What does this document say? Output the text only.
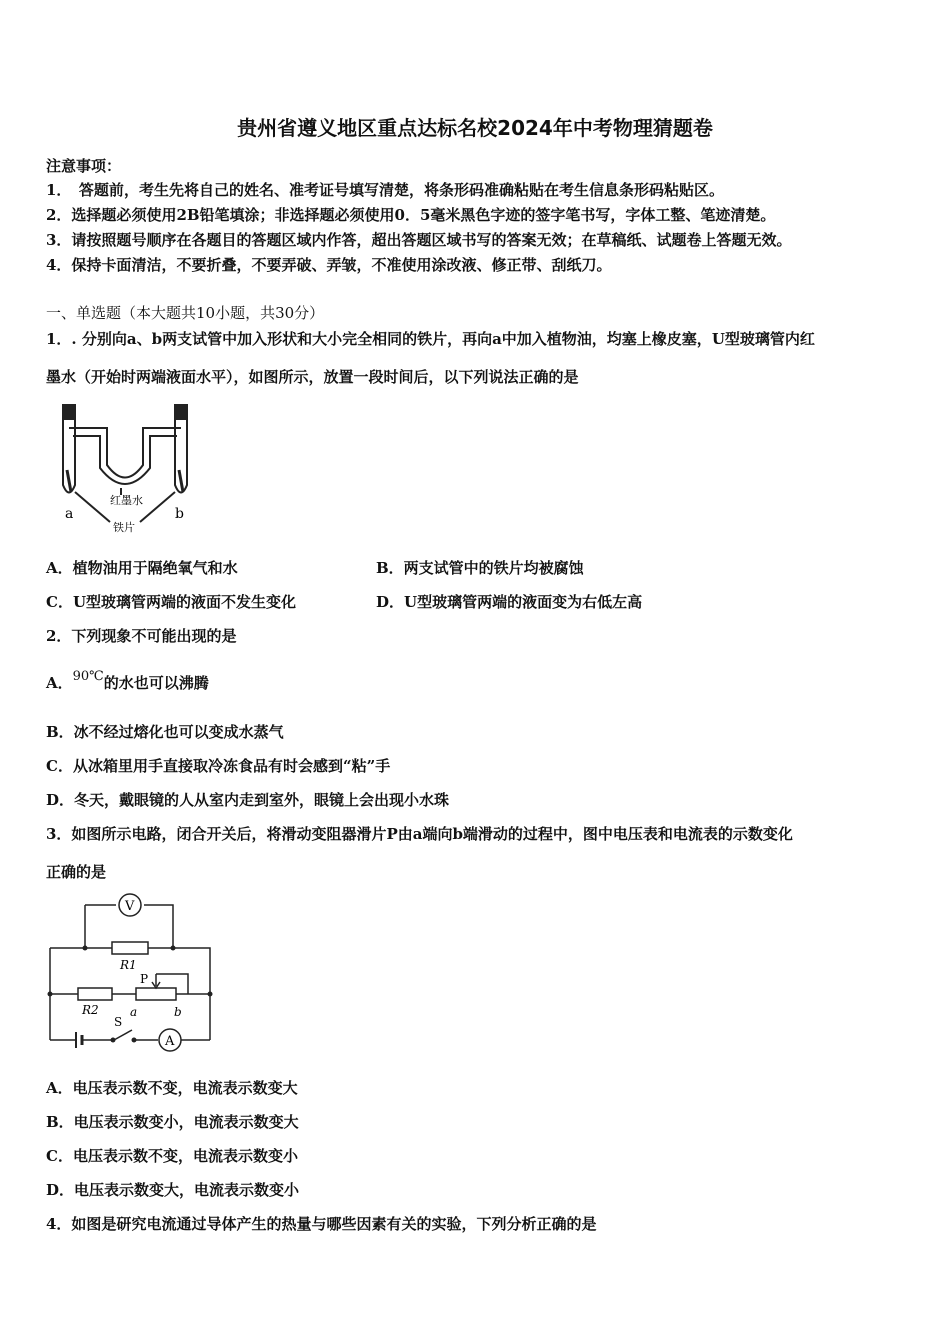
贵州省遵义地区重点达标名校2024年中考物理猜题卷
注意事项：
1．　答题前，考生先将自己的姓名、准考证号填写清楚，将条形码准确粘贴在考生信息条形码粘贴区。
2．选择题必须使用2B铅笔填涂；非选择题必须使用0．5毫米黑色字迹的签字笔书写，字体工整、笔迹清楚。
3．请按照题号顺序在各题目的答题区域内作答，超出答题区域书写的答案无效；在草稿纸、试题卷上答题无效。
4．保持卡面清洁，不要折叠，不要弄破、弄皱，不准使用涂改液、修正带、刮纸刀。
一、单选题（本大题共10小题，共30分）
1．. 分别向a、b两支试管中加入形状和大小完全相同的铁片，再向a中加入植物油，均塞上橡皮塞，U型玻璃管内红
墨水（开始时两端液面水平），如图所示，放置一段时间后，以下列说法正确的是
a	b
红墨水
铁片
A．植物油用于隔绝氧气和水	B．两支试管中的铁片均被腐蚀
C．U型玻璃管两端的液面不发生变化	D．U型玻璃管两端的液面变为右低左高
2．下列现象不可能出现的是
A．90℃的水也可以沸腾
B．冰不经过熔化也可以变成水蒸气
C．从冰箱里用手直接取冷冻食品有时会感到“粘”手
D．冬天，戴眼镜的人从室内走到室外，眼镜上会出现小水珠
3．如图所示电路，闭合开关后，将滑动变阻器滑片P由a端向b端滑动的过程中，图中电压表和电流表的示数变化
正确的是
V
A
R1
R2
P
S
a	b
A．电压表示数不变，电流表示数变大
B．电压表示数变小，电流表示数变大
C．电压表示数不变，电流表示数变小
D．电压表示数变大，电流表示数变小
4．如图是研究电流通过导体产生的热量与哪些因素有关的实验，下列分析正确的是
